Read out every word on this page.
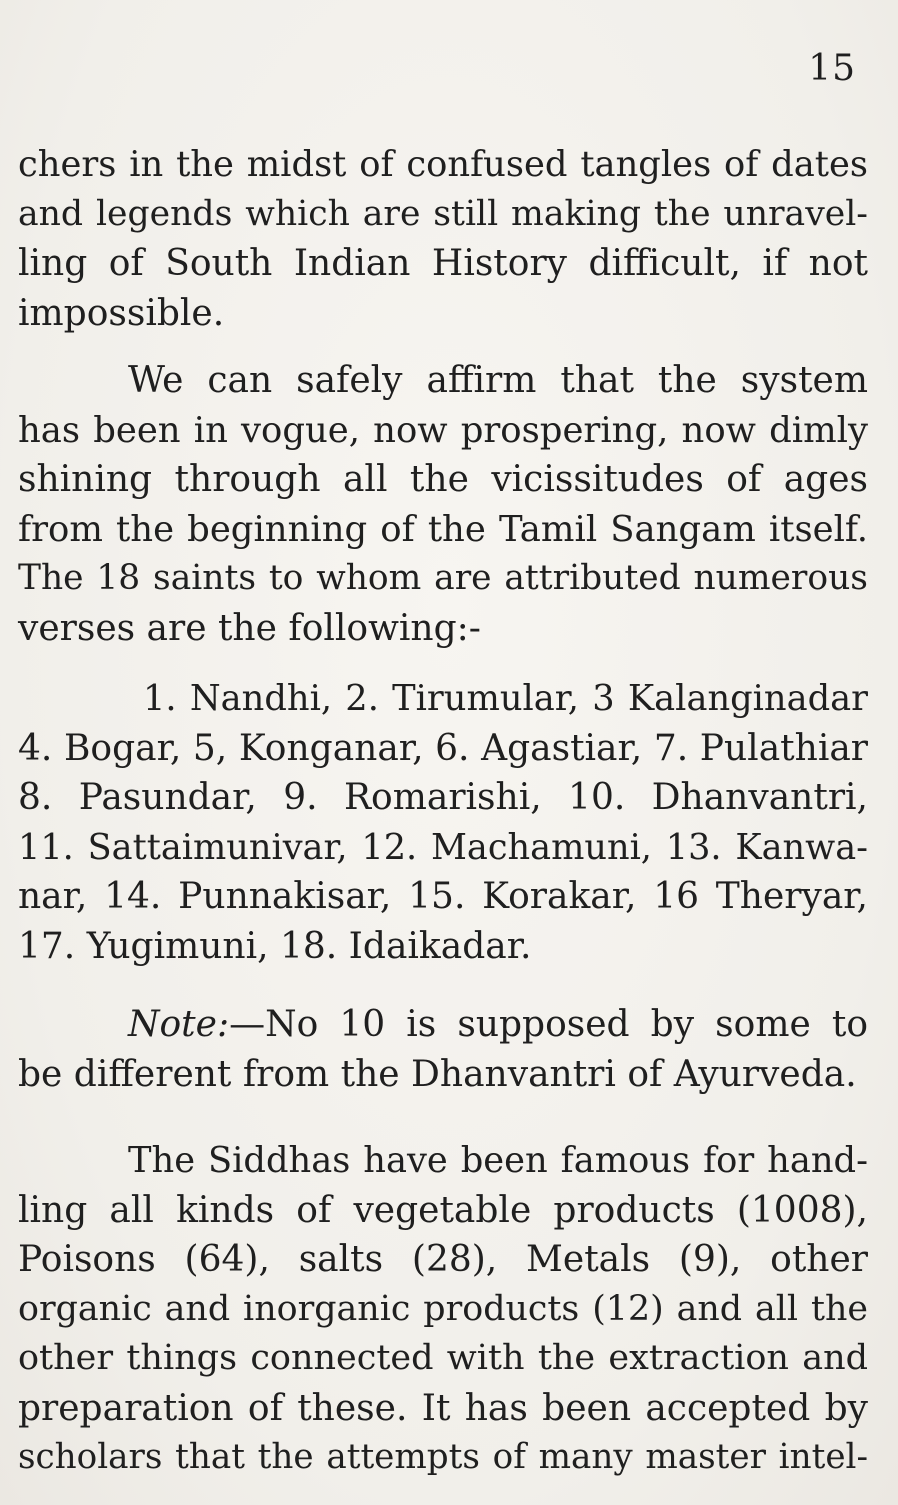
15
chers in the midst of confused tangles of dates
and legends which are still making the unravel-
ling of South Indian History difficult, if not
impossible.
We can safely affirm that the system
has been in vogue, now prospering, now dimly
shining through all the vicissitudes of ages
from the beginning of the Tamil Sangam itself.
The 18 saints to whom are attributed numerous
verses are the following:-
1. Nandhi, 2. Tirumular, 3 Kalanginadar
4. Bogar, 5, Konganar, 6. Agastiar, 7. Pulathiar
8. Pasundar, 9. Romarishi, 10. Dhanvantri,
11. Sattaimunivar, 12. Machamuni, 13. Kanwa-
nar, 14. Punnakisar, 15. Korakar, 16 Theryar,
17. Yugimuni, 18. Idaikadar.
Note:—No 10 is supposed by some to
be different from the Dhanvantri of Ayurveda.
The Siddhas have been famous for hand-
ling all kinds of vegetable products (1008),
Poisons (64), salts (28), Metals (9), other
organic and inorganic products (12) and all the
other things connected with the extraction and
preparation of these. It has been accepted by
scholars that the attempts of many master intel-
